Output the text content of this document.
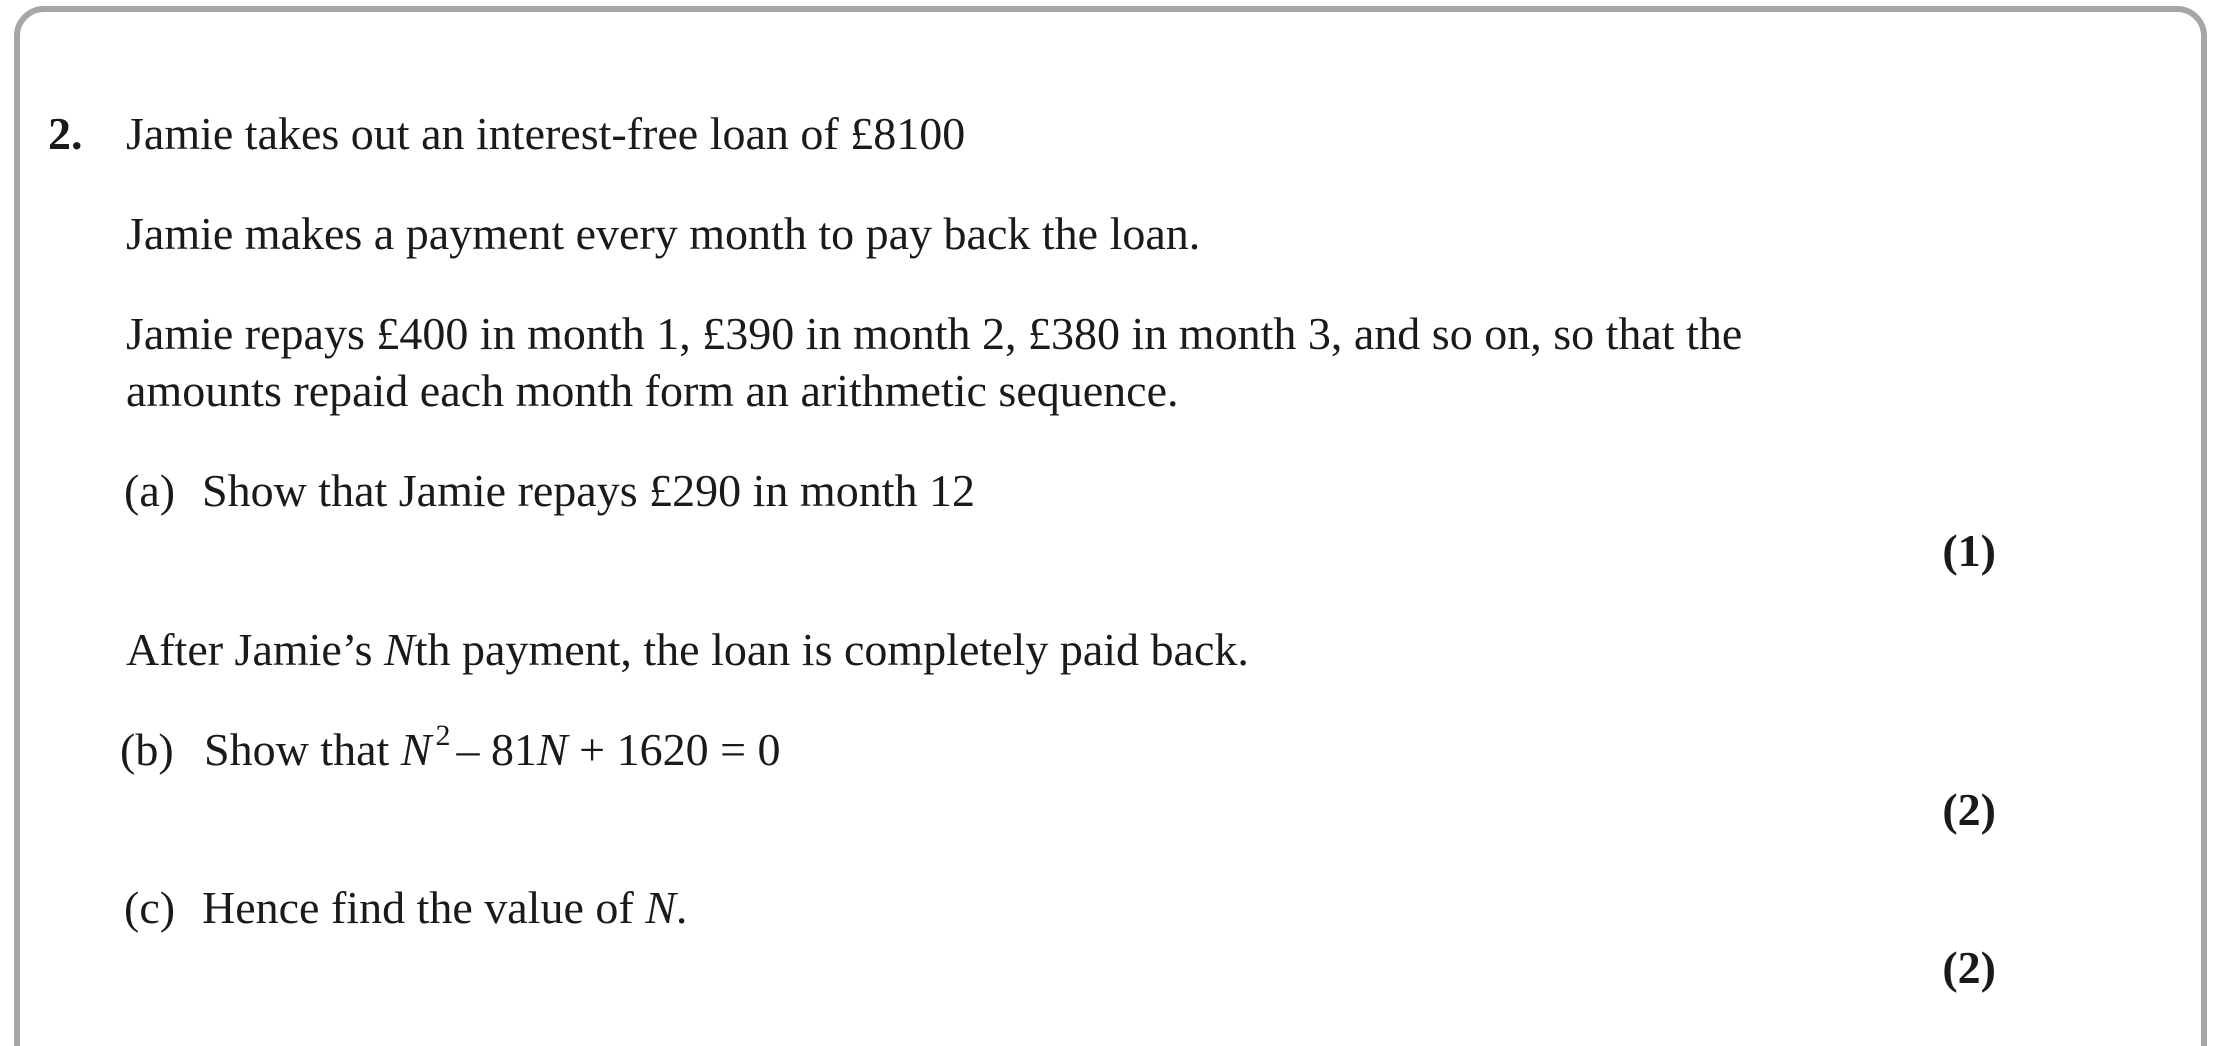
2. Jamie takes out an interest-free loan of £8100
Jamie makes a payment every month to pay back the loan.
Jamie repays £400 in month 1, £390 in month 2, £380 in month 3, and so on, so that the
amounts repaid each month form an arithmetic sequence.
(a) Show that Jamie repays £290 in month 12
(1)
After Jamie’s Nth payment, the loan is completely paid back.
(b) Show that N $^2$ – 81N + 1620 = 0
(2)
(c) Hence find the value of N.
(2)
